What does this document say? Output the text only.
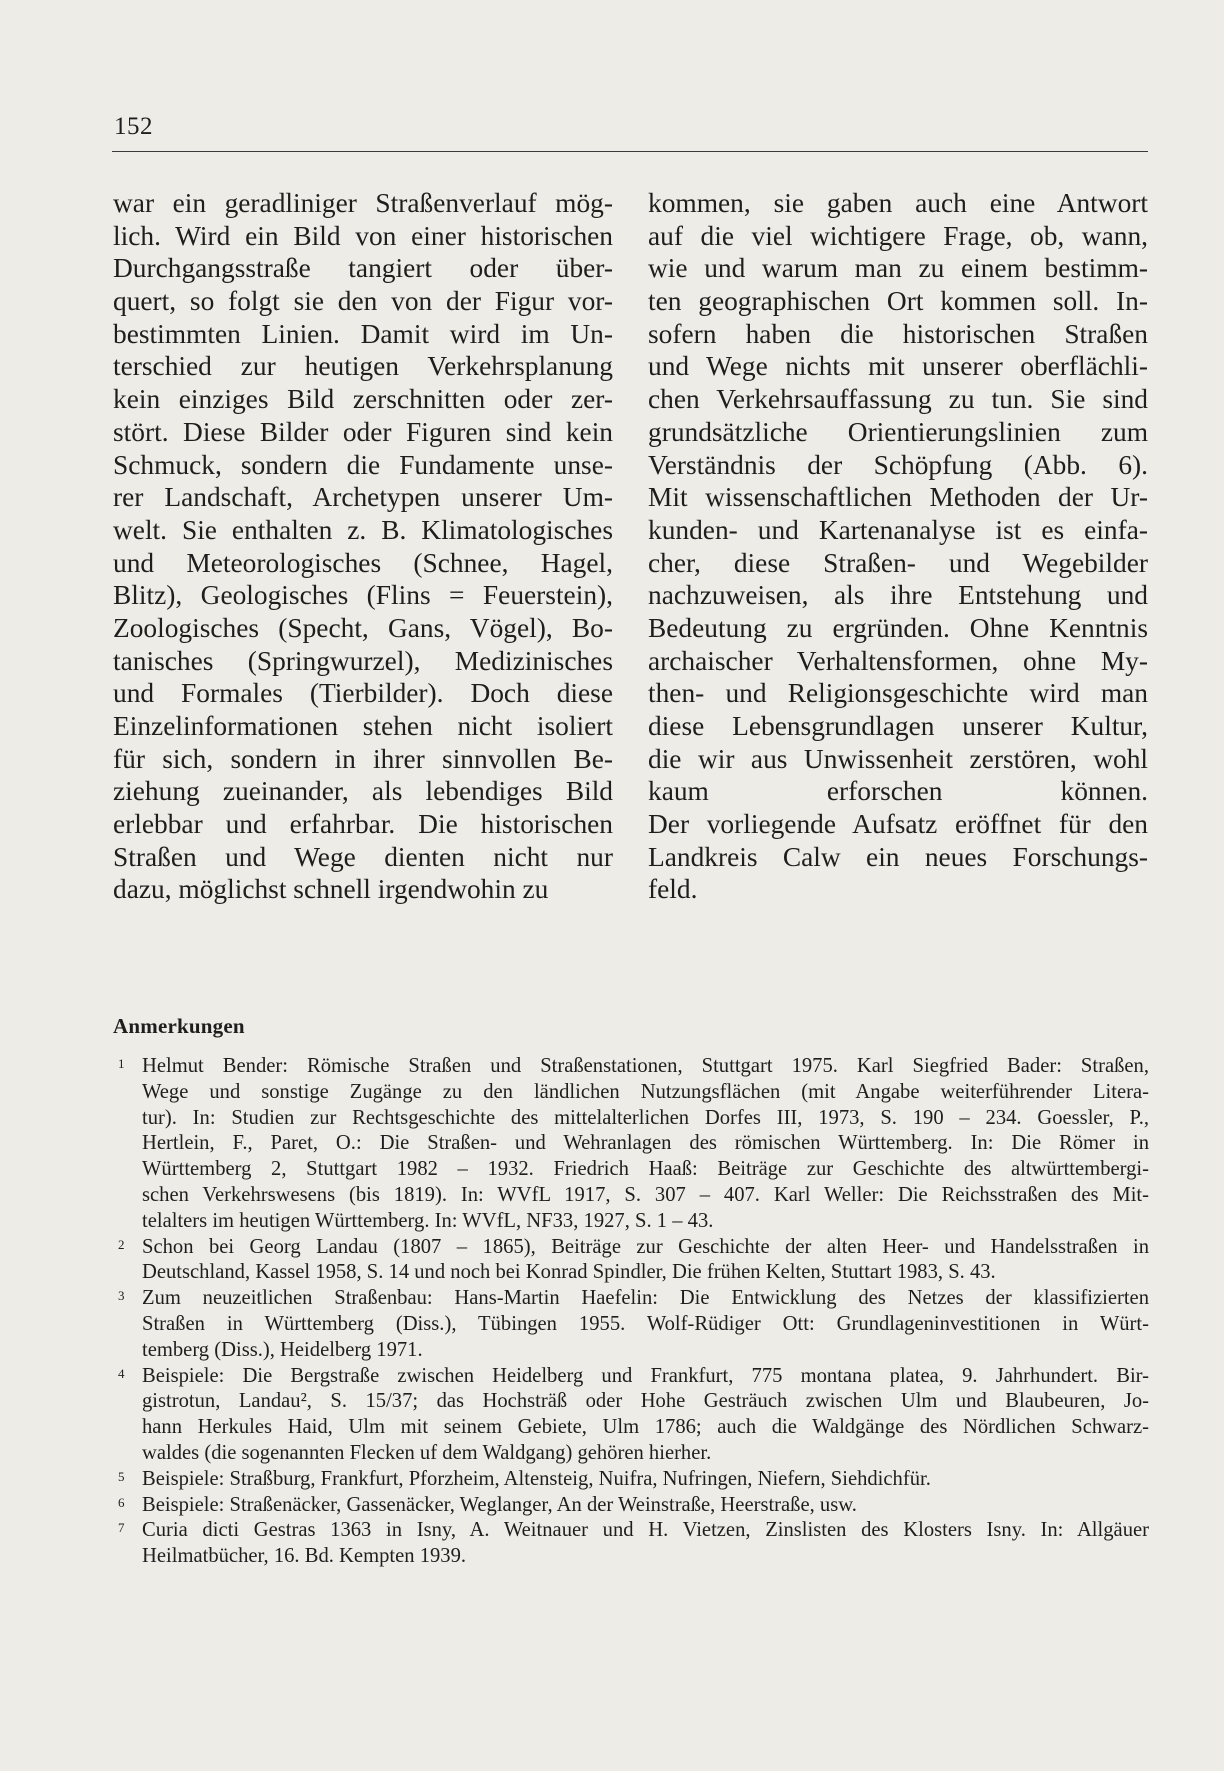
152
war ein geradliniger Straßenverlauf mög-
lich. Wird ein Bild von einer historischen
Durchgangsstraße tangiert oder über-
quert, so folgt sie den von der Figur vor-
bestimmten Linien. Damit wird im Un-
terschied zur heutigen Verkehrsplanung
kein einziges Bild zerschnitten oder zer-
stört. Diese Bilder oder Figuren sind kein
Schmuck, sondern die Fundamente unse-
rer Landschaft, Archetypen unserer Um-
welt. Sie enthalten z. B. Klimatologisches
und Meteorologisches (Schnee, Hagel,
Blitz), Geologisches (Flins = Feuerstein),
Zoologisches (Specht, Gans, Vögel), Bo-
tanisches (Springwurzel), Medizinisches
und Formales (Tierbilder). Doch diese
Einzelinformationen stehen nicht isoliert
für sich, sondern in ihrer sinnvollen Be-
ziehung zueinander, als lebendiges Bild
erlebbar und erfahrbar. Die historischen
Straßen und Wege dienten nicht nur
dazu, möglichst schnell irgendwohin zu
kommen, sie gaben auch eine Antwort
auf die viel wichtigere Frage, ob, wann,
wie und warum man zu einem bestimm-
ten geographischen Ort kommen soll. In-
sofern haben die historischen Straßen
und Wege nichts mit unserer oberflächli-
chen Verkehrsauffassung zu tun. Sie sind
grundsätzliche Orientierungslinien zum
Verständnis der Schöpfung (Abb. 6).
Mit wissenschaftlichen Methoden der Ur-
kunden- und Kartenanalyse ist es einfa-
cher, diese Straßen- und Wegebilder
nachzuweisen, als ihre Entstehung und
Bedeutung zu ergründen. Ohne Kenntnis
archaischer Verhaltensformen, ohne My-
then- und Religionsgeschichte wird man
diese Lebensgrundlagen unserer Kultur,
die wir aus Unwissenheit zerstören, wohl
kaum erforschen können.
Der vorliegende Aufsatz eröffnet für den
Landkreis Calw ein neues Forschungs-
feld.
Anmerkungen
1 Helmut Bender: Römische Straßen und Straßenstationen, Stuttgart 1975. Karl Siegfried Bader: Straßen,
Wege und sonstige Zugänge zu den ländlichen Nutzungsflächen (mit Angabe weiterführender Litera-
tur). In: Studien zur Rechtsgeschichte des mittelalterlichen Dorfes III, 1973, S. 190 – 234. Goessler, P.,
Hertlein, F., Paret, O.: Die Straßen- und Wehranlagen des römischen Württemberg. In: Die Römer in
Württemberg 2, Stuttgart 1982 – 1932. Friedrich Haaß: Beiträge zur Geschichte des altwürttembergi-
schen Verkehrswesens (bis 1819). In: WVfL 1917, S. 307 – 407. Karl Weller: Die Reichsstraßen des Mit-
telalters im heutigen Württemberg. In: WVfL, NF33, 1927, S. 1 – 43.
2 Schon bei Georg Landau (1807 – 1865), Beiträge zur Geschichte der alten Heer- und Handelsstraßen in
Deutschland, Kassel 1958, S. 14 und noch bei Konrad Spindler, Die frühen Kelten, Stuttart 1983, S. 43.
3 Zum neuzeitlichen Straßenbau: Hans-Martin Haefelin: Die Entwicklung des Netzes der klassifizierten
Straßen in Württemberg (Diss.), Tübingen 1955. Wolf-Rüdiger Ott: Grundlageninvestitionen in Würt-
temberg (Diss.), Heidelberg 1971.
4 Beispiele: Die Bergstraße zwischen Heidelberg und Frankfurt, 775 montana platea, 9. Jahrhundert. Bir-
gistrotun, Landau², S. 15/37; das Hochsträß oder Hohe Gesträuch zwischen Ulm und Blaubeuren, Jo-
hann Herkules Haid, Ulm mit seinem Gebiete, Ulm 1786; auch die Waldgänge des Nördlichen Schwarz-
waldes (die sogenannten Flecken uf dem Waldgang) gehören hierher.
5 Beispiele: Straßburg, Frankfurt, Pforzheim, Altensteig, Nuifra, Nufringen, Niefern, Siehdichfür.
6 Beispiele: Straßenäcker, Gassenäcker, Weglanger, An der Weinstraße, Heerstraße, usw.
7 Curia dicti Gestras 1363 in Isny, A. Weitnauer und H. Vietzen, Zinslisten des Klosters Isny. In: Allgäuer
Heilmatbücher, 16. Bd. Kempten 1939.
